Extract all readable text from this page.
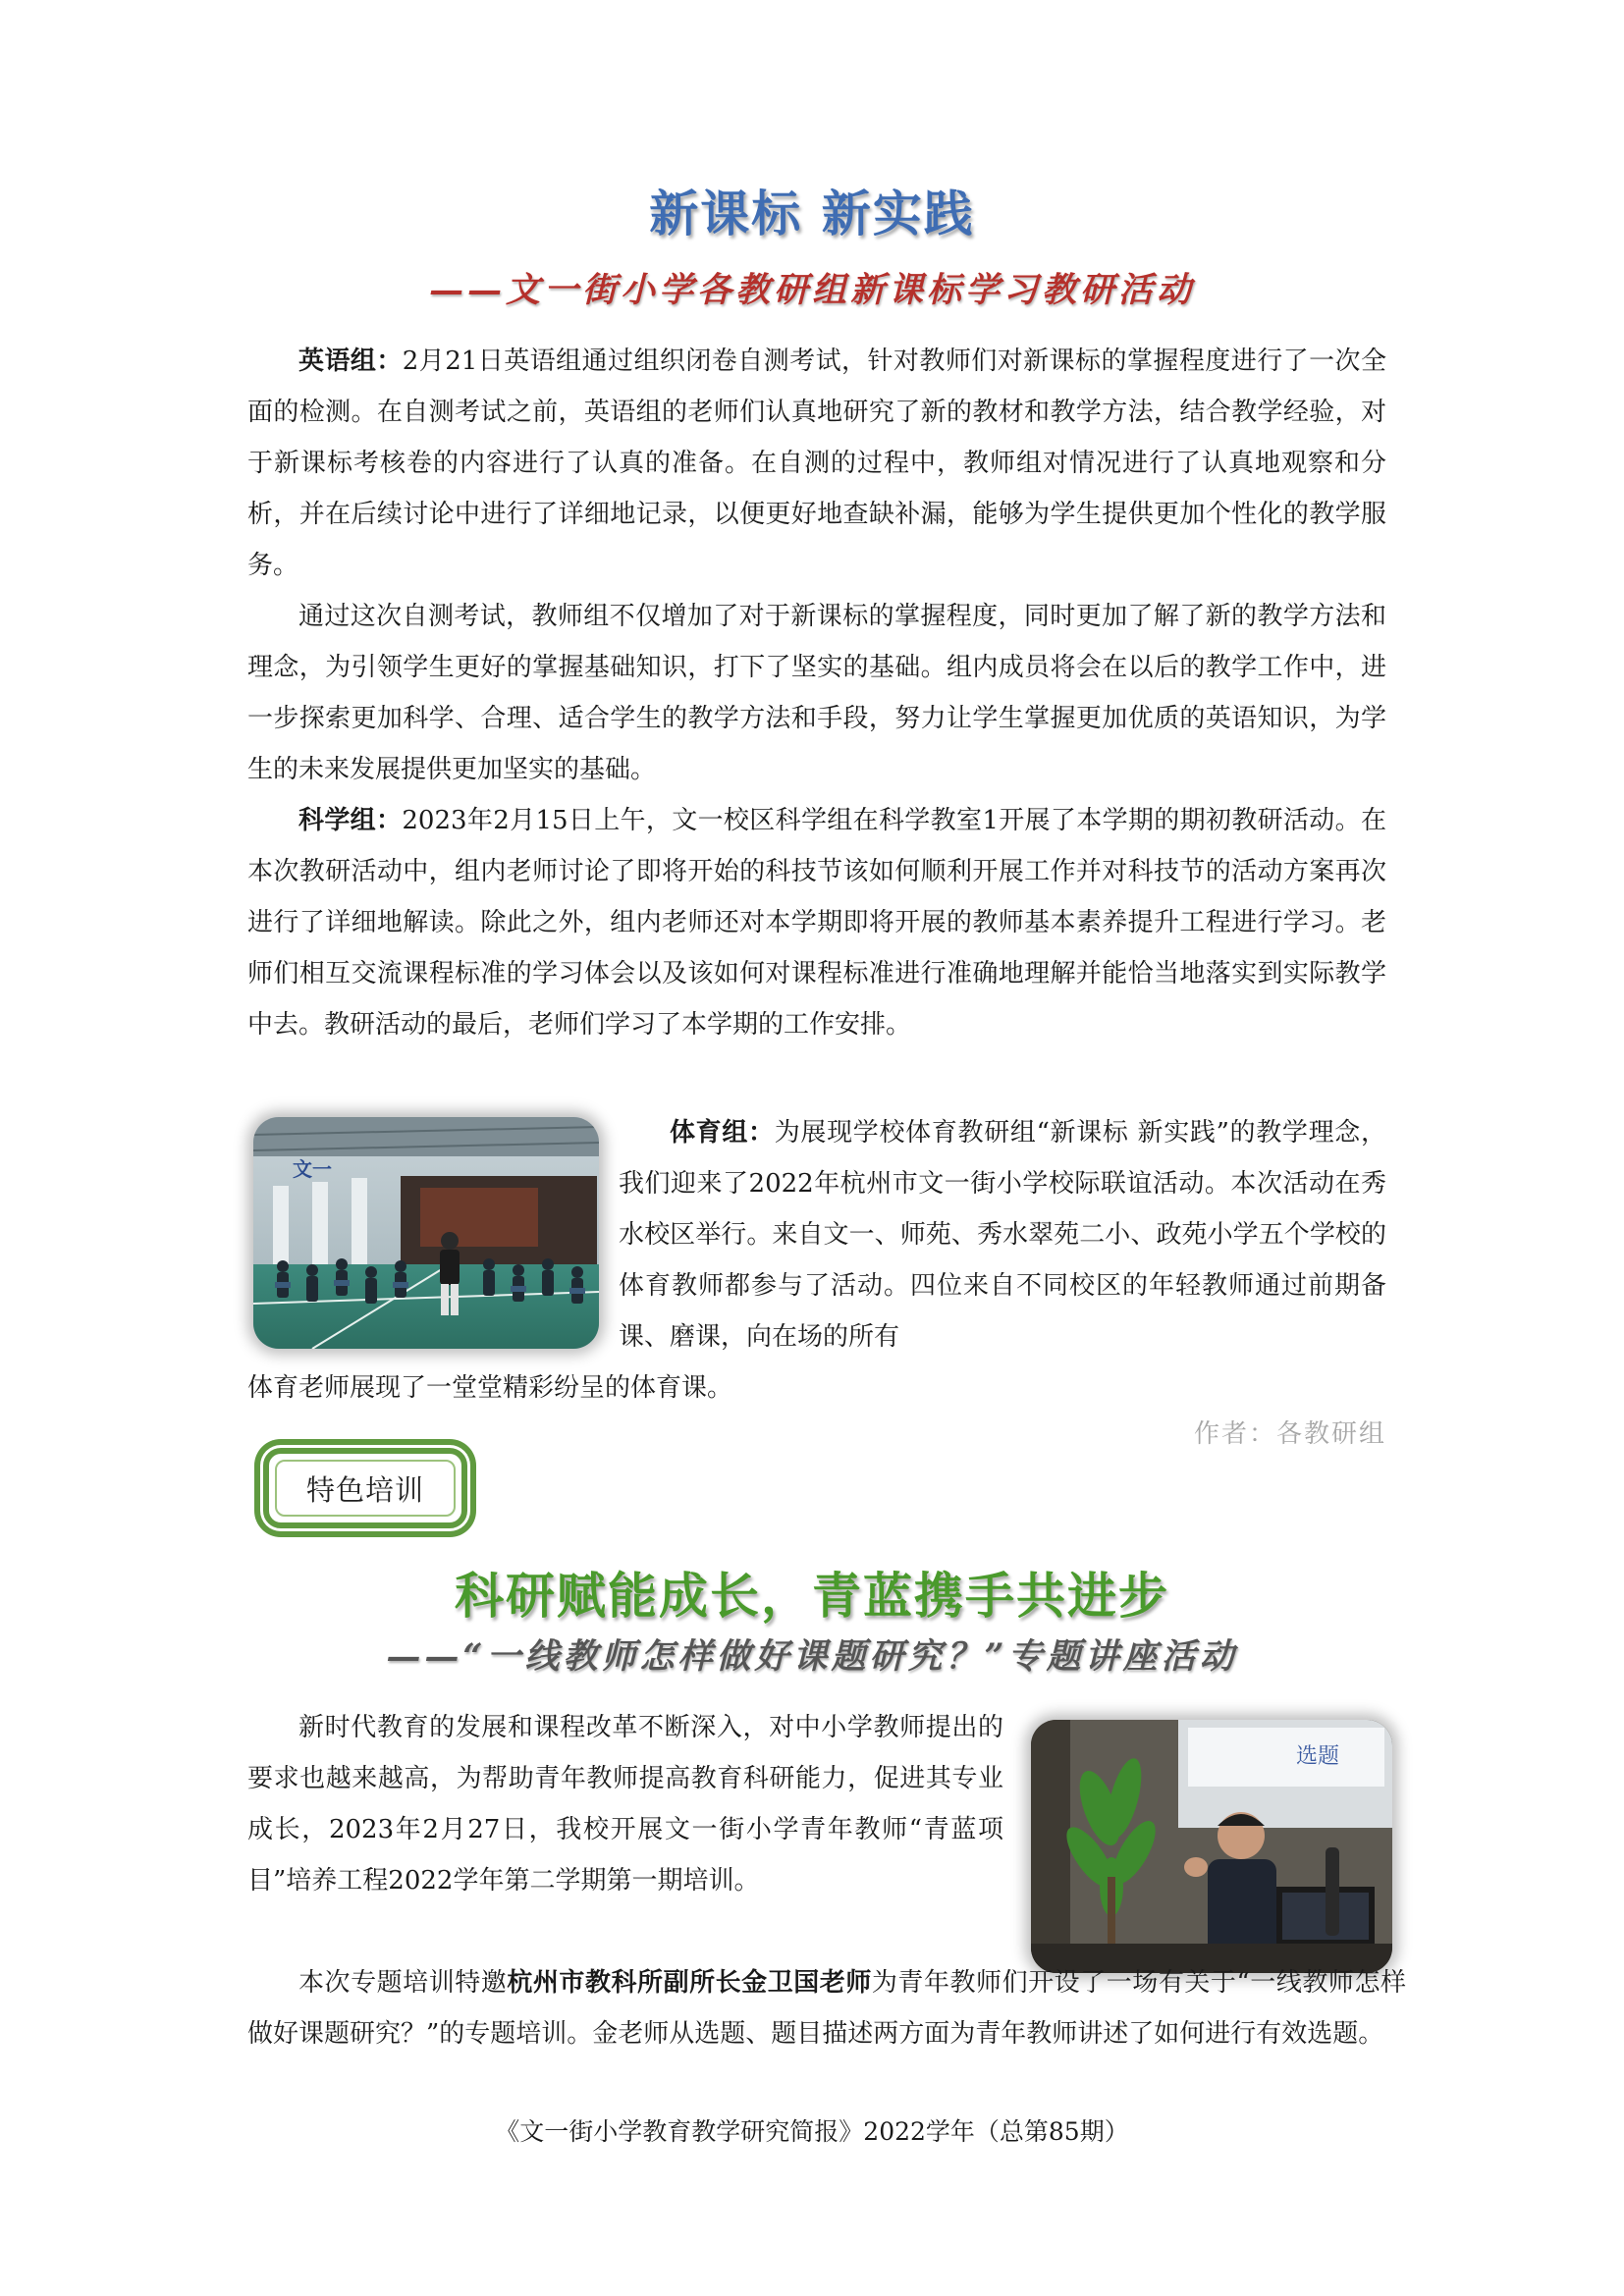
新课标 新实践
——文一街小学各教研组新课标学习教研活动

英语组：2月21日英语组通过组织闭卷自测考试，针对教师们对新课标的掌握程度进行了一次全面的检测。在自测考试之前，英语组的老师们认真地研究了新的教材和教学方法，结合教学经验，对于新课标考核卷的内容进行了认真的准备。在自测的过程中，教师组对情况进行了认真地观察和分析，并在后续讨论中进行了详细地记录，以便更好地查缺补漏，能够为学生提供更加个性化的教学服务。

通过这次自测考试，教师组不仅增加了对于新课标的掌握程度，同时更加了解了新的教学方法和理念，为引领学生更好的掌握基础知识，打下了坚实的基础。组内成员将会在以后的教学工作中，进一步探索更加科学、合理、适合学生的教学方法和手段，努力让学生掌握更加优质的英语知识，为学生的未来发展提供更加坚实的基础。

科学组：2023年2月15日上午，文一校区科学组在科学教室1开展了本学期的期初教研活动。在本次教研活动中，组内老师讨论了即将开始的科技节该如何顺利开展工作并对科技节的活动方案再次进行了详细地解读。除此之外，组内老师还对本学期即将开展的教师基本素养提升工程进行学习。老师们相互交流课程标准的学习体会以及该如何对课程标准进行准确地理解并能恰当地落实到实际教学中去。教研活动的最后，老师们学习了本学期的工作安排。

文一

体育组：为展现学校体育教研组“新课标 新实践”的教学理念，我们迎来了2022年杭州市文一街小学校际联谊活动。本次活动在秀水校区举行。来自文一、师苑、秀水翠苑二小、政苑小学五个学校的体育教师都参与了活动。四位来自不同校区的年轻教师通过前期备课、磨课，向在场的所有

体育老师展现了一堂堂精彩纷呈的体育课。

作者：各教研组
特色培训
科研赋能成长，青蓝携手共进步
——“一线教师怎样做好课题研究？”专题讲座活动

新时代教育的发展和课程改革不断深入，对中小学教师提出的要求也越来越高，为帮助青年教师提高教育科研能力，促进其专业成长，2023年2月27日，我校开展文一街小学青年教师“青蓝项目”培养工程2022学年第二学期第一期培训。

选题

本次专题培训特邀杭州市教科所副所长金卫国老师为青年教师们开设了一场有关于“一线教师怎样做好课题研究？”的专题培训。金老师从选题、题目描述两方面为青年教师讲述了如何进行有效选题。

《文一街小学教育教学研究简报》2022学年（总第85期）
